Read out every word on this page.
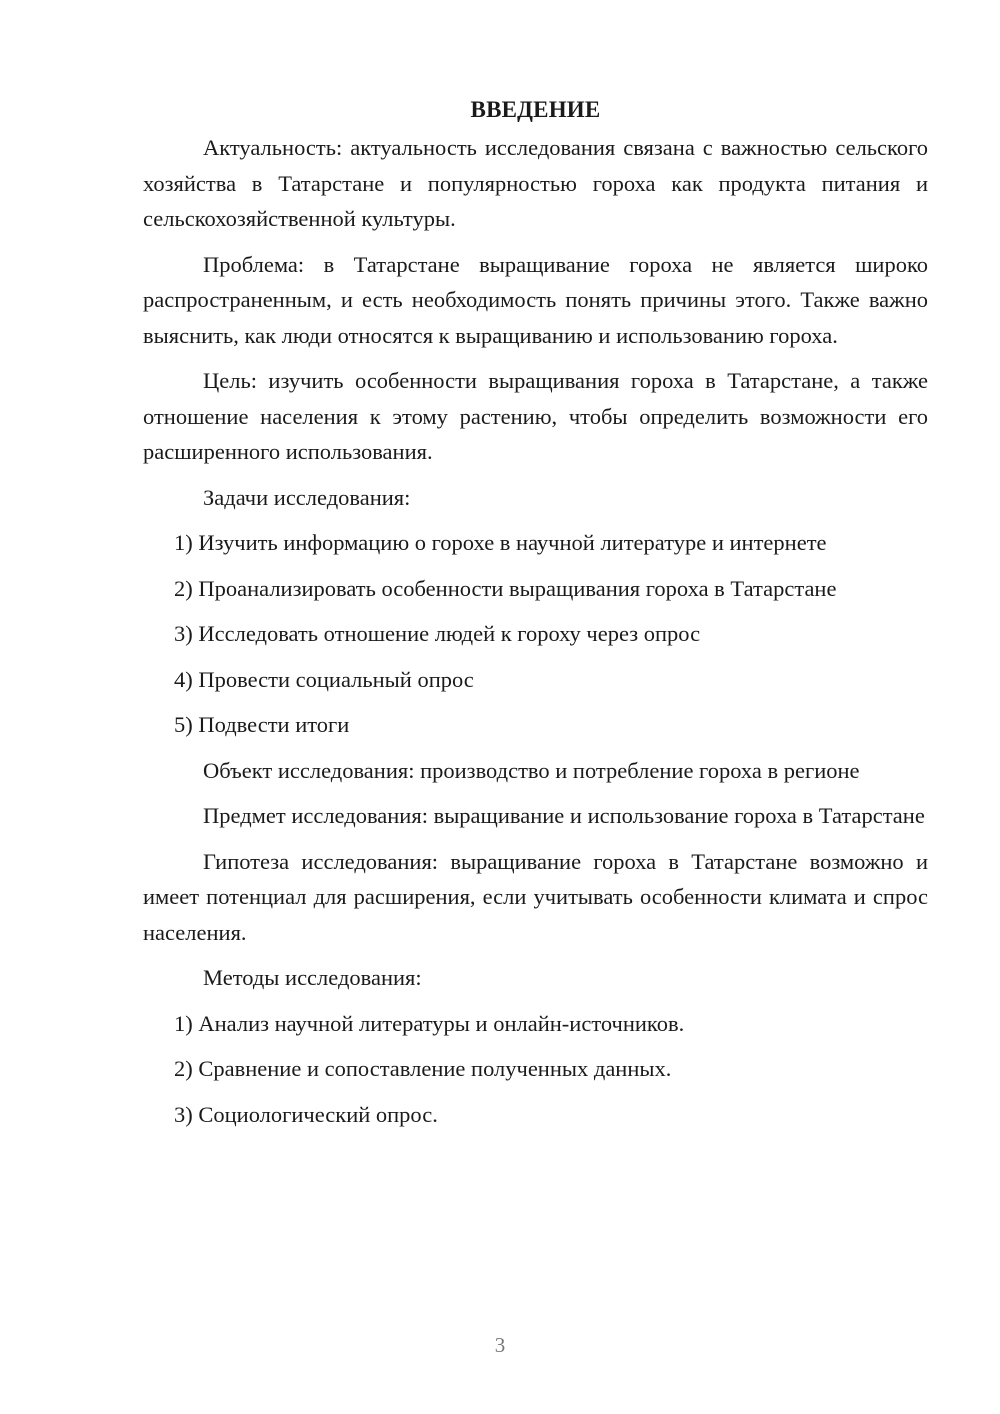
ВВЕДЕНИЕ

Актуальность: актуальность исследования связана с важностью сельского хозяйства в Татарстане и популярностью гороха как продукта питания и сельскохозяйственной культуры.

Проблема: в Татарстане выращивание гороха не является широко распространенным, и есть необходимость понять причины этого. Также важно выяснить, как люди относятся к выращиванию и использованию гороха.

Цель: изучить особенности выращивания гороха в Татарстане, а также отношение населения к этому растению, чтобы определить возможности его расширенного использования.

Задачи исследования:

1) Изучить информацию о горохе в научной литературе и интернете
2) Проанализировать особенности выращивания гороха в Татарстане
3) Исследовать отношение людей к гороху через опрос
4) Провести социальный опрос
5) Подвести итоги

Объект исследования: производство и потребление гороха в регионе

Предмет исследования: выращивание и использование гороха в Татарстане

Гипотеза исследования: выращивание гороха в Татарстане возможно и имеет потенциал для расширения, если учитывать особенности климата и спрос населения.

Методы исследования:

1) Анализ научной литературы и онлайн-источников.
2) Сравнение и сопоставление полученных данных.
3) Социологический опрос.
3
